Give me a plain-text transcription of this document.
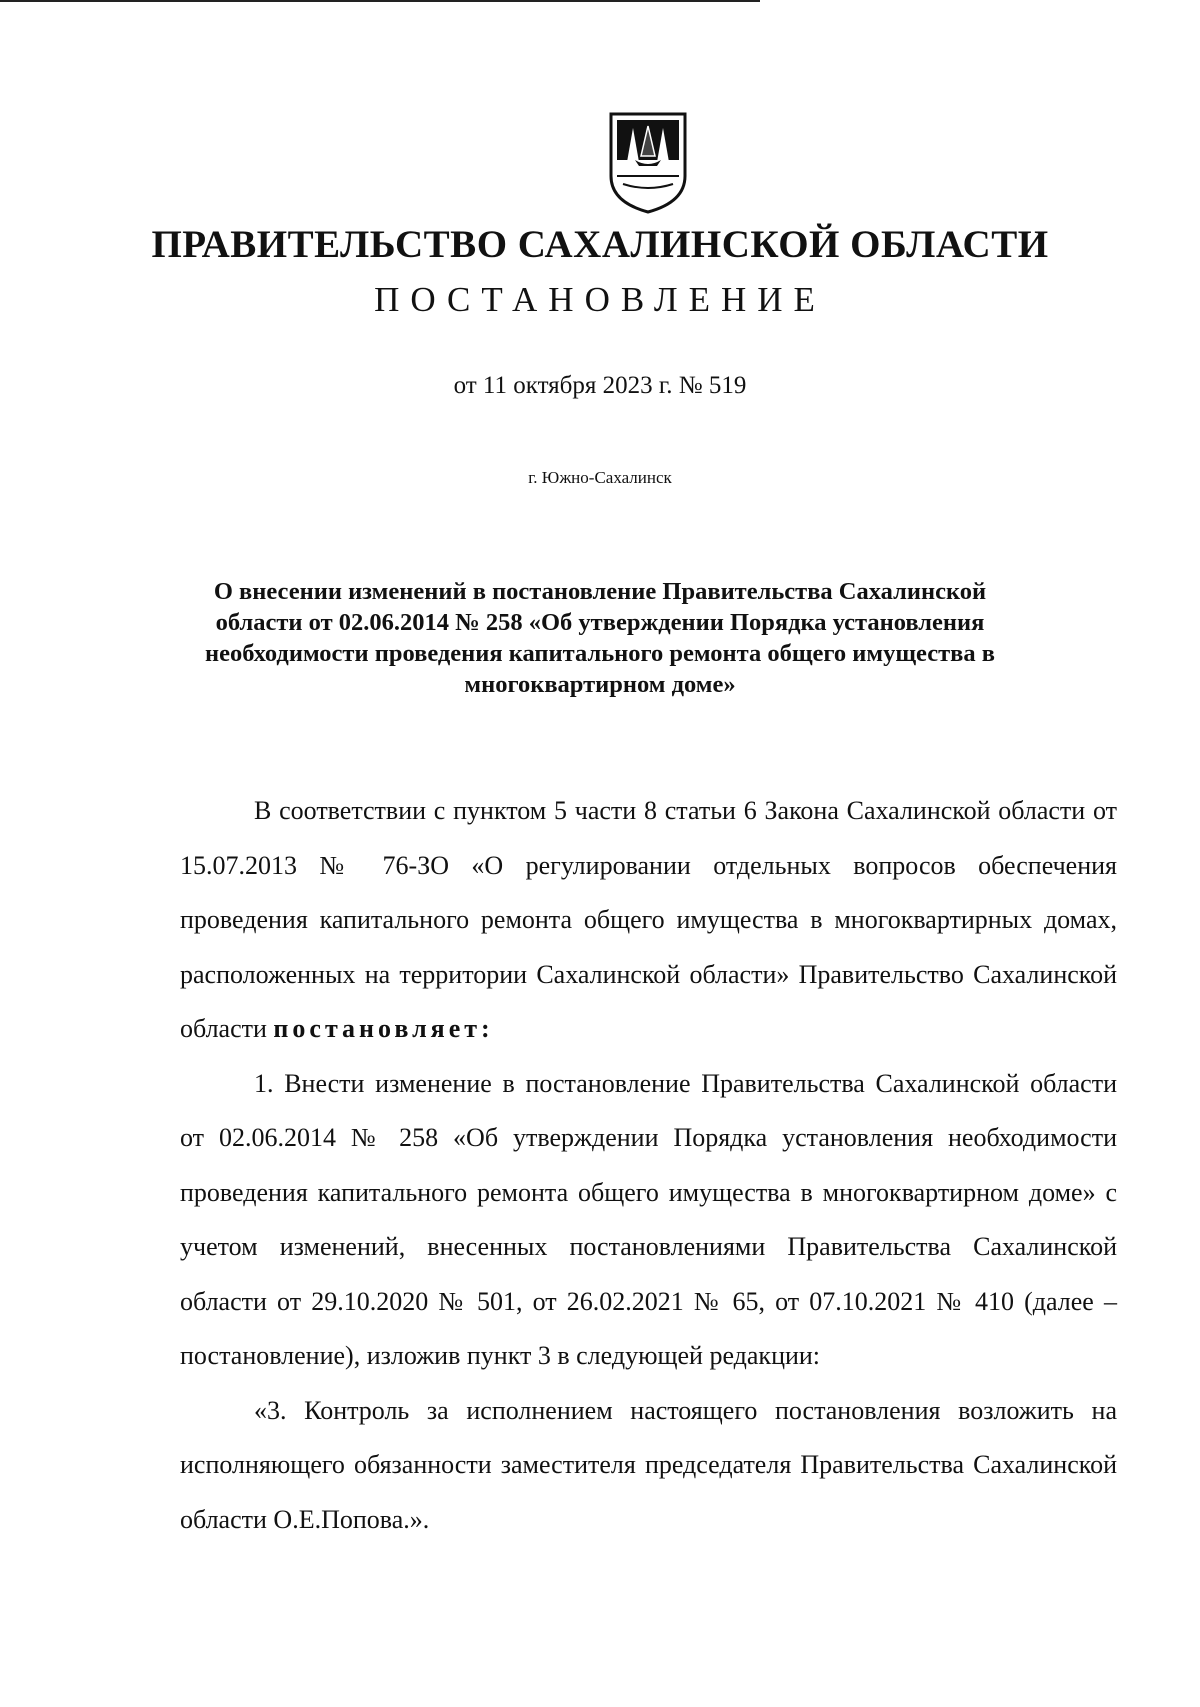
ПРАВИТЕЛЬСТВО САХАЛИНСКОЙ ОБЛАСТИ
ПОСТАНОВЛЕНИЕ
от 11 октября 2023 г. № 519
г. Южно-Сахалинск
О внесении изменений в постановление Правительства Сахалинской области от 02.06.2014 № 258 «Об утверждении Порядка установления необходимости проведения капитального ремонта общего имущества в многоквартирном доме»

В соответствии с пунктом 5 части 8 статьи 6 Закона Сахалинской области от 15.07.2013 № 76-ЗО «О регулировании отдельных вопросов обеспечения проведения капитального ремонта общего имущества в многоквартирных домах, расположенных на территории Сахалинской области» Правительство Сахалинской области постановляет:

1. Внести изменение в постановление Правительства Сахалинской области от 02.06.2014 № 258 «Об утверждении Порядка установления необходимости проведения капитального ремонта общего имущества в многоквартирном доме» с учетом изменений, внесенных постановлениями Правительства Сахалинской области от 29.10.2020 № 501, от 26.02.2021 № 65, от 07.10.2021 № 410 (далее – постановление), изложив пункт 3 в следующей редакции:

«3. Контроль за исполнением настоящего постановления возложить на исполняющего обязанности заместителя председателя Правительства Сахалинской области О.Е.Попова.».
